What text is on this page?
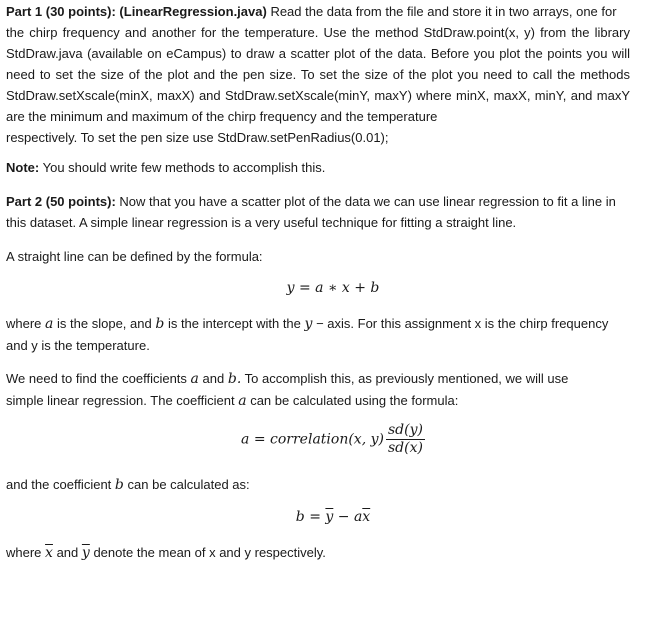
Part 1 (30 points): (LinearRegression.java) Read the data from the file and store it in two arrays, one for
the chirp frequency and another for the temperature. Use the method StdDraw.point(x, y) from the library StdDraw.java (available on eCampus) to draw a scatter plot of the data. Before you plot the points you will need to set the size of the plot and the pen size. To set the size of the plot you need to call the methods StdDraw.setXscale(minX, maxX) and StdDraw.setXscale(minY, maxY) where minX, maxX, minY, and maxY are the minimum and maximum of the chirp frequency and the temperature
respectively. To set the pen size use StdDraw.setPenRadius(0.01);
Note: You should write few methods to accomplish this.
Part 2 (50 points): Now that you have a scatter plot of the data we can use linear regression to fit a line in this dataset. A simple linear regression is a very useful technique for fitting a straight line.
A straight line can be defined by the formula:
y = a ∗ x + b
where a is the slope, and b is the intercept with the y − axis. For this assignment x is the chirp frequency
and y is the temperature.
We need to find the coefficients a and b. To accomplish this, as previously mentioned, we will use
simple linear regression. The coefficient a can be calculated using the formula:
a = correlation(x, $y) \frac{sd(y)}{sd(x)}$
and the coefficient b can be calculated as:
$b = \overline{y} - a\overline{x}$
where $\overline{x}$ and $\overline{y}$ denote the mean of x and y respectively.
